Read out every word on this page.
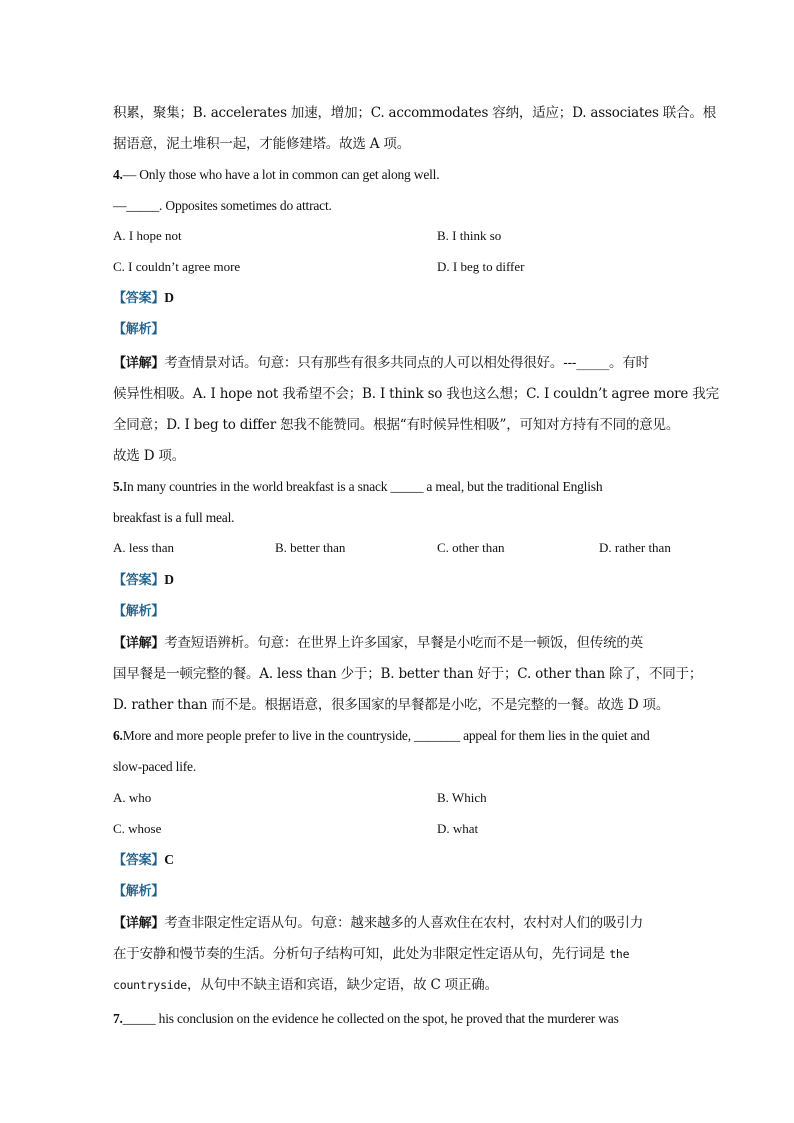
积累，聚集；B. accelerates 加速，增加；C. accommodates 容纳，适应；D. associates 联合。根
据语意，泥土堆积一起，才能修建塔。故选 A 项。
4.— Only those who have a lot in common can get along well.
—_____. Opposites sometimes do attract.
A. I hope not	B. I think so
C. I couldn’t agree more	D. I beg to differ
【答案】D
【解析】
【详解】考查情景对话。句意：只有那些有很多共同点的人可以相处得很好。---_____。有时
候异性相吸。A. I hope not 我希望不会；B. I think so 我也这么想；C. I couldn’t agree more 我完
全同意；D. I beg to differ 恕我不能赞同。根据“有时候异性相吸”，可知对方持有不同的意见。
故选 D 项。
5.In many countries in the world breakfast is a snack _____ a meal, but the traditional English
breakfast is a full meal.
A. less than	B. better than	C. other than	D. rather than
【答案】D
【解析】
【详解】考查短语辨析。句意：在世界上许多国家，早餐是小吃而不是一顿饭，但传统的英
国早餐是一顿完整的餐。A. less than 少于；B. better than 好于；C. other than 除了，不同于；
D. rather than 而不是。根据语意，很多国家的早餐都是小吃，不是完整的一餐。故选 D 项。
6.More and more people prefer to live in the countryside, _______ appeal for them lies in the quiet and
slow-paced life.
A. who	B. Which
C. whose	D. what
【答案】C
【解析】
【详解】考查非限定性定语从句。句意：越来越多的人喜欢住在农村，农村对人们的吸引力
在于安静和慢节奏的生活。分析句子结构可知，此处为非限定性定语从句，先行词是 the
countryside，从句中不缺主语和宾语，缺少定语，故 C 项正确。
7._____ his conclusion on the evidence he collected on the spot, he proved that the murderer was
